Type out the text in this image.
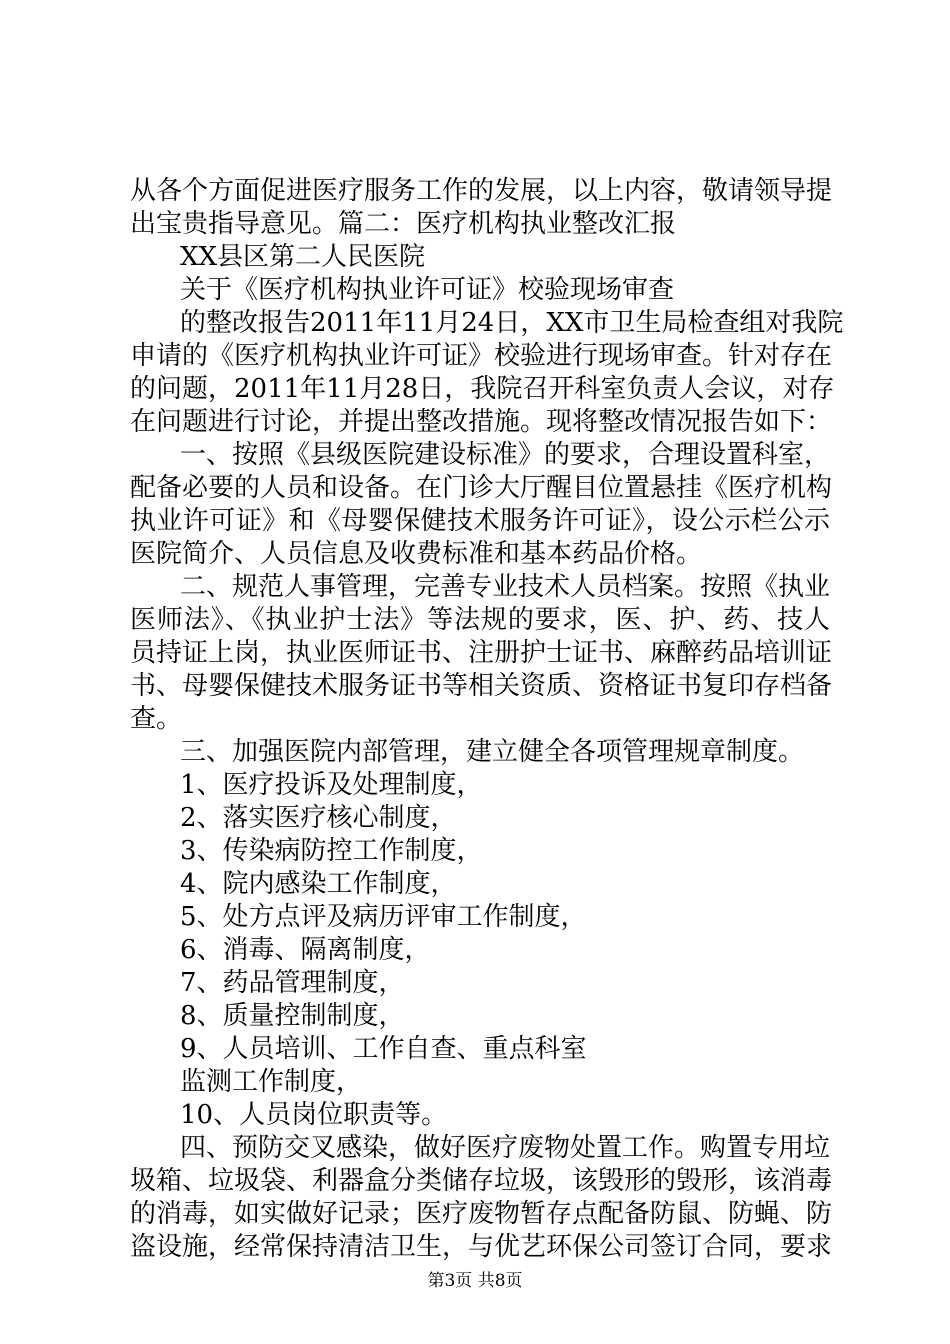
从各个方面促进医疗服务工作的发展，以上内容，敬请领导提
出宝贵指导意见。篇二：医疗机构执业整改汇报
XX县区第二人民医院
关于《医疗机构执业许可证》校验现场审查
的整改报告2011年11月24日，XX市卫生局检查组对我院
申请的《医疗机构执业许可证》校验进行现场审查。针对存在
的问题，2011年11月28日，我院召开科室负责人会议，对存
在问题进行讨论，并提出整改措施。现将整改情况报告如下：
一、按照《县级医院建设标准》的要求，合理设置科室，
配备必要的人员和设备。在门诊大厅醒目位置悬挂《医疗机构
执业许可证》和《母婴保健技术服务许可证》，设公示栏公示
医院简介、人员信息及收费标准和基本药品价格。
二、规范人事管理，完善专业技术人员档案。按照《执业
医师法》、《执业护士法》等法规的要求，医、护、药、技人
员持证上岗，执业医师证书、注册护士证书、麻醉药品培训证
书、母婴保健技术服务证书等相关资质、资格证书复印存档备
查。
三、加强医院内部管理，建立健全各项管理规章制度。
1、医疗投诉及处理制度，
2、落实医疗核心制度，
3、传染病防控工作制度，
4、院内感染工作制度，
5、处方点评及病历评审工作制度，
6、消毒、隔离制度，
7、药品管理制度，
8、质量控制制度，
9、人员培训、工作自查、重点科室
监测工作制度，
10、人员岗位职责等。
四、预防交叉感染，做好医疗废物处置工作。购置专用垃
圾箱、垃圾袋、利器盒分类储存垃圾，该毁形的毁形，该消毒
的消毒，如实做好记录；医疗废物暂存点配备防鼠、防蝇、防
盗设施，经常保持清洁卫生，与优艺环保公司签订合同，要求
第3页 共8页
